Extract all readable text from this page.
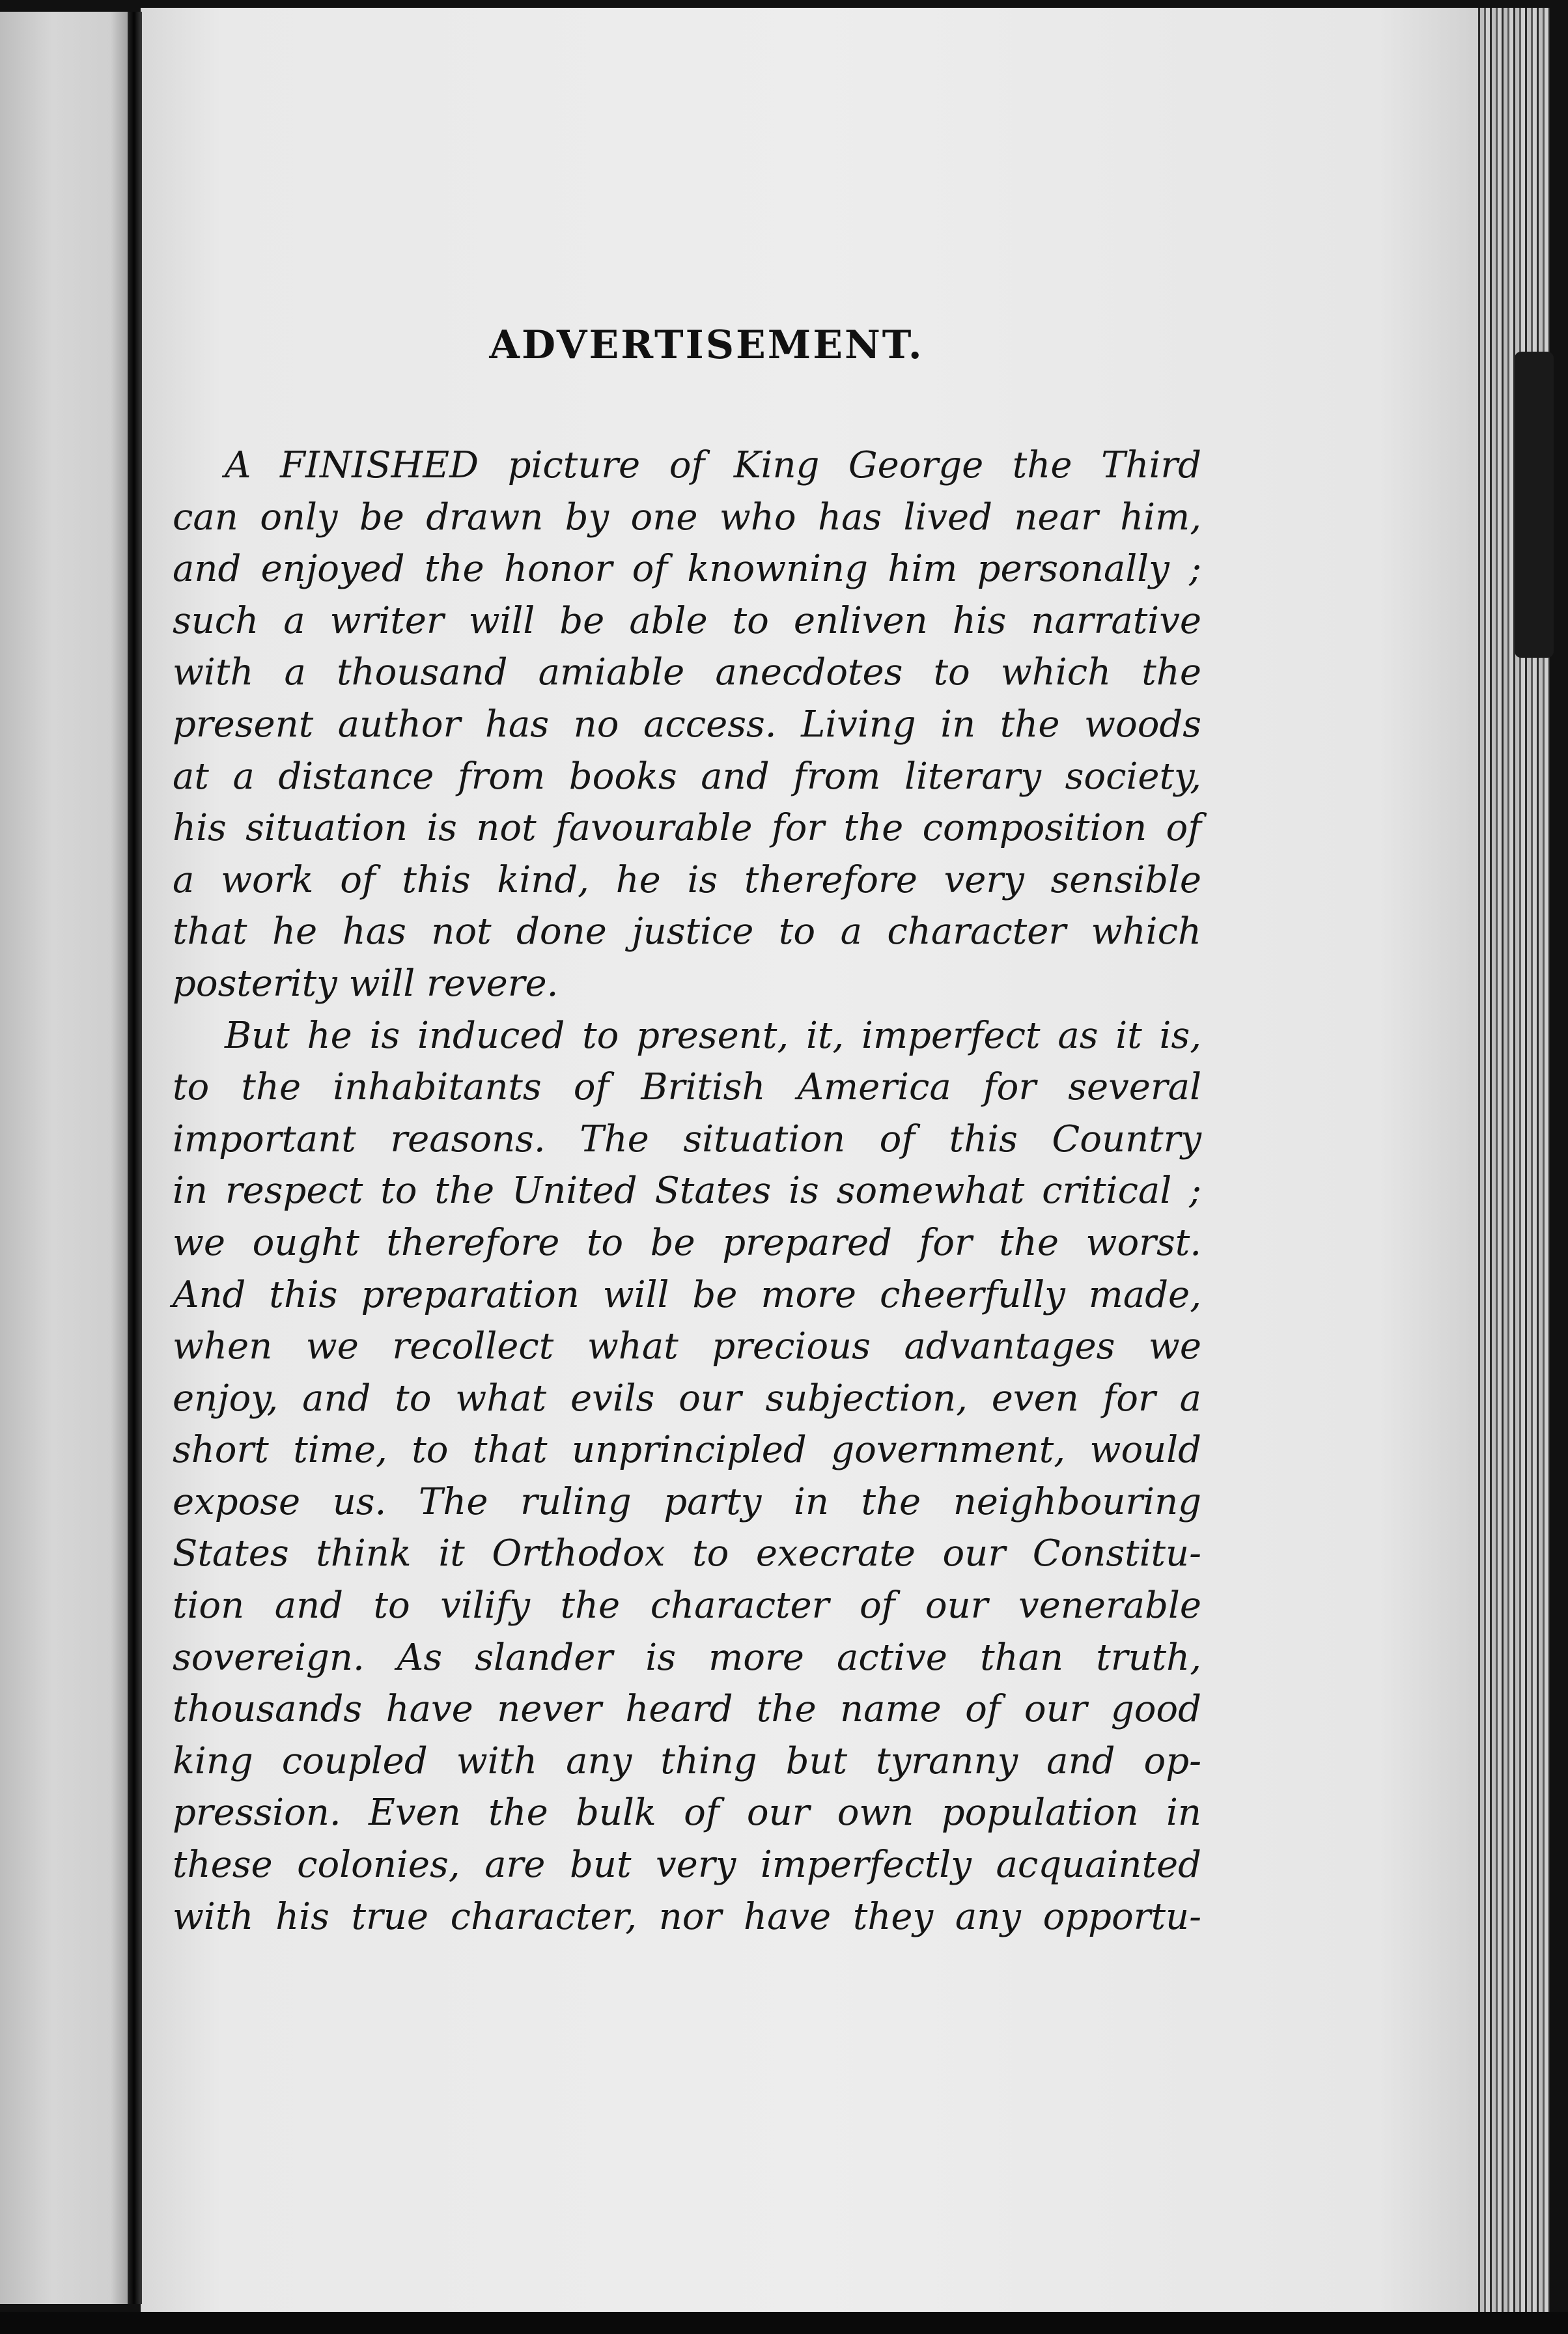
ADVERTISEMENT.
A FINISHED picture of King George the Third
can only be drawn by one who has lived near him,
and enjoyed the honor of knowning him personally ;
such a writer will be able to enliven his narrative
with a thousand amiable anecdotes to which the
present author has no access. Living in the woods
at a distance from books and from literary society,
his situation is not favourable for the composition of
a work of this kind, he is therefore very sensible
that he has not done justice to a character which
posterity will revere.
But he is induced to present, it, imperfect as it is,
to the inhabitants of British America for several
important reasons. The situation of this Country
in respect to the United States is somewhat critical ;
we ought therefore to be prepared for the worst.
And this preparation will be more cheerfully made,
when we recollect what precious advantages we
enjoy, and to what evils our subjection, even for a
short time, to that unprincipled government, would
expose us. The ruling party in the neighbouring
States think it Orthodox to execrate our Constitu-
tion and to vilify the character of our venerable
sovereign. As slander is more active than truth,
thousands have never heard the name of our good
king coupled with any thing but tyranny and op-
pression. Even the bulk of our own population in
these colonies, are but very imperfectly acquainted
with his true character, nor have they any opportu-
